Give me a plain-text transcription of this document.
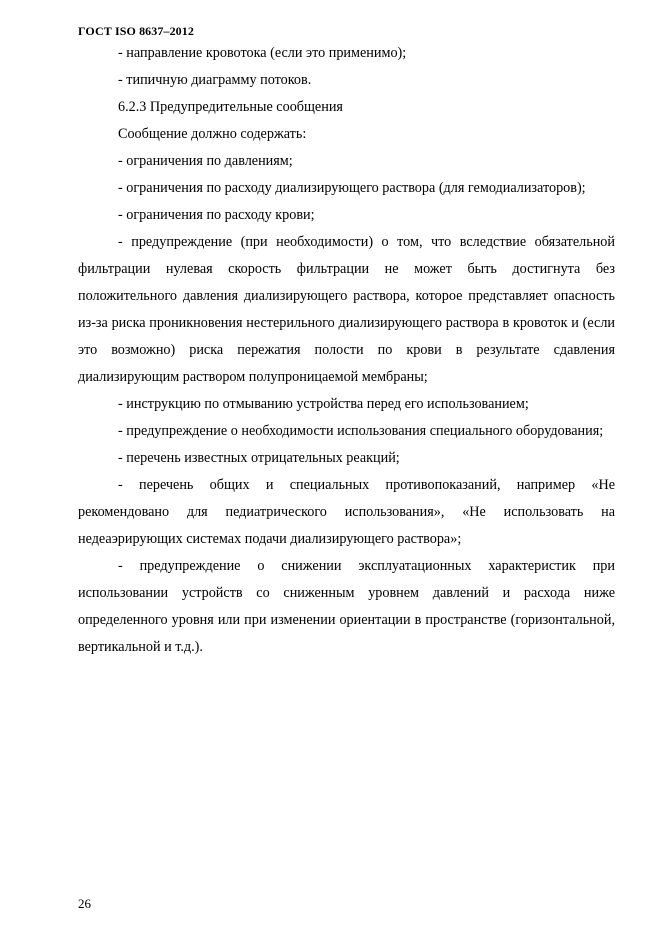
ГОСТ ISO 8637–2012

- направление кровотока (если это применимо);

- типичную диаграмму потоков.

6.2.3 Предупредительные сообщения

Сообщение должно содержать:

- ограничения по давлениям;

- ограничения по расходу диализирующего раствора (для гемодиализаторов);

- ограничения по расходу крови;

- предупреждение (при необходимости) о том, что вследствие обязательной фильтрации нулевая скорость фильтрации не может быть достигнута без положительного давления диализирующего раствора, которое представляет опасность из-за риска проникновения нестерильного диализирующего раствора в кровоток и (если это возможно) риска пережатия полости по крови в результате сдавления диализирующим раствором полупроницаемой мембраны;

- инструкцию по отмыванию устройства перед его использованием;

- предупреждение о необходимости использования специального оборудования;

- перечень известных отрицательных реакций;

- перечень общих и специальных противопоказаний, например «Не рекомендовано для педиатрического использования», «Не использовать на недеаэрирующих системах подачи диализирующего раствора»;

- предупреждение о снижении эксплуатационных характеристик при использовании устройств со сниженным уровнем давлений и расхода ниже определенного уровня или при изменении ориентации в пространстве (горизонтальной, вертикальной и т.д.).

26
